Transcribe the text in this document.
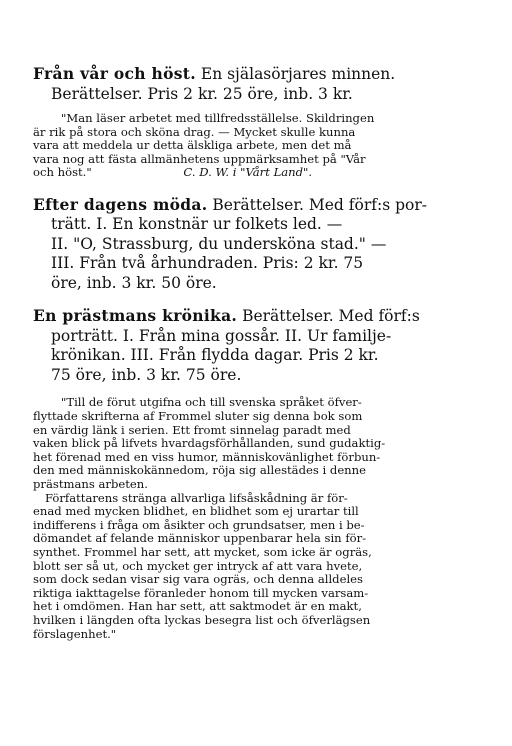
Från vår och höst. En själasörjares minnen.
Berättelser. Pris 2 kr. 25 öre, inb. 3 kr.
"Man läser arbetet med tillfredsställelse. Skildringen
är rik på stora och sköna drag. — Mycket skulle kunna
vara att meddela ur detta älskliga arbete, men det må
vara nog att fästa allmänhetens uppmärksamhet på "Vår
och höst."	C. D. W. i "Vårt Land".
Efter dagens möda. Berättelser. Med förf:s por-
trätt. I. En konstnär ur folkets led. —
II. "O, Strassburg, du undersköna stad." —
III. Från två århundraden. Pris: 2 kr. 75
öre, inb. 3 kr. 50 öre.
En prästmans krönika. Berättelser. Med förf:s
porträtt. I. Från mina gossår. II. Ur familje-
krönikan. III. Från flydda dagar. Pris 2 kr.
75 öre, inb. 3 kr. 75 öre.
"Till de förut utgifna och till svenska språket öfver-
flyttade skrifterna af Frommel sluter sig denna bok som
en värdig länk i serien. Ett fromt sinnelag paradt med
vaken blick på lifvets hvardagsförhållanden, sund gudaktig-
het förenad med en viss humor, människovänlighet förbun-
den med människokännedom, röja sig allestädes i denne
prästmans arbeten.
Författarens stränga allvarliga lifsåskådning är för-
enad med mycken blidhet, en blidhet som ej urartar till
indifferens i fråga om åsikter och grundsatser, men i be-
dömandet af felande människor uppenbarar hela sin för-
synthet. Frommel har sett, att mycket, som icke är ogräs,
blott ser så ut, och mycket ger intryck af att vara hvete,
som dock sedan visar sig vara ogräs, och denna alldeles
riktiga iakttagelse föranleder honom till mycken varsam-
het i omdömen. Han har sett, att saktmodet är en makt,
hvilken i längden ofta lyckas besegra list och öfverlägsen
förslagenhet."
